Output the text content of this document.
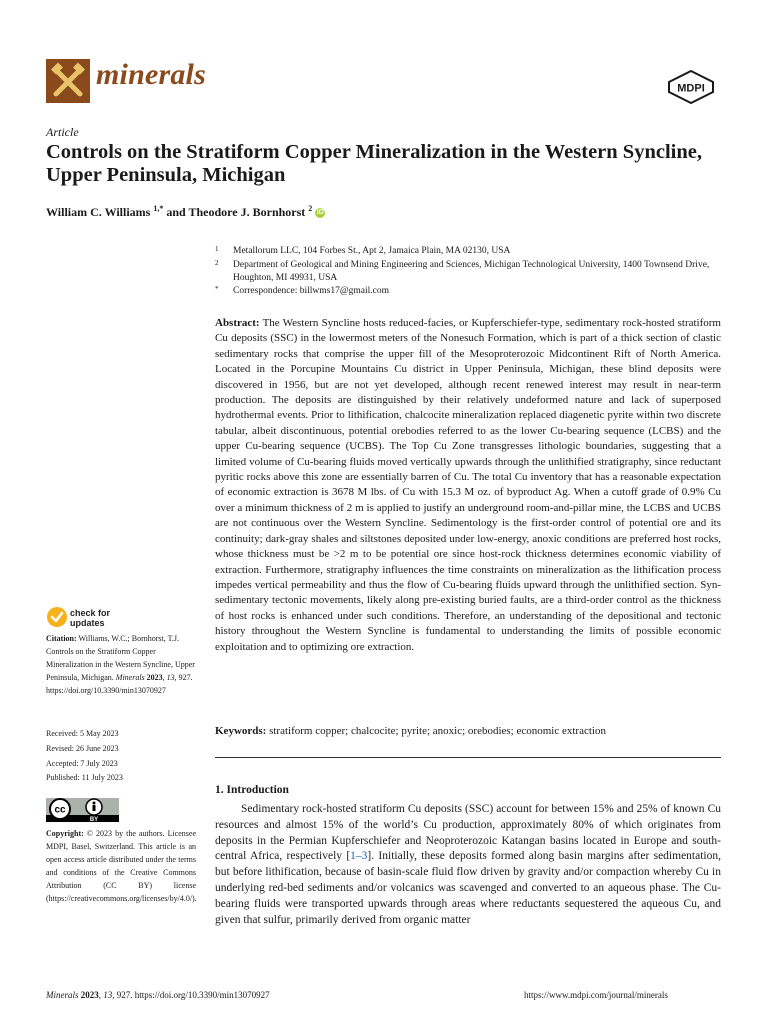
minerals	MDPI
Article
Controls on the Stratiform Copper Mineralization in the Western Syncline, Upper Peninsula, Michigan
William C. Williams $^{1,*}$ and Theodore J. Bornhorst $^2$ iD
1 Metallorum LLC, 104 Forbes St., Apt 2, Jamaica Plain, MA 02130, USA
2 Department of Geological and Mining Engineering and Sciences, Michigan Technological University, 1400 Townsend Drive, Houghton, MI 49931, USA
* Correspondence: billwms17@gmail.com
Abstract: The Western Syncline hosts reduced-facies, or Kupferschiefer-type, sedimentary rock-hosted stratiform Cu deposits (SSC) in the lowermost meters of the Nonesuch Formation, which is part of a thick section of clastic sedimentary rocks that comprise the upper fill of the Mesoproterozoic Midcontinent Rift of North America. Located in the Porcupine Mountains Cu district in Upper Peninsula, Michigan, these blind deposits were discovered in 1956, but are not yet developed, although recent renewed interest may result in near-term production. The deposits are distinguished by their relatively undeformed nature and lack of superposed hydrothermal events. Prior to lithification, chalcocite mineralization replaced diagenetic pyrite within two discrete tabular, albeit discontinuous, potential orebodies referred to as the lower Cu-bearing sequence (LCBS) and the upper Cu-bearing sequence (UCBS). The Top Cu Zone transgresses lithologic boundaries, suggesting that a limited volume of Cu-bearing fluids moved vertically upwards through the unlithified stratigraphy, since reductant pyritic rocks above this zone are essentially barren of Cu. The total Cu inventory that has a reasonable expectation of economic extraction is 3678 M lbs. of Cu with 15.3 M oz. of byproduct Ag. When a cutoff grade of 0.9% Cu over a minimum thickness of 2 m is applied to justify an underground room-and-pillar mine, the LCBS and UCBS are not continuous over the Western Syncline. Sedimentology is the first-order control of potential ore and its continuity; dark-gray shales and siltstones deposited under low-energy, anoxic conditions are preferred host rocks, whose thickness must be >2 m to be potential ore since host-rock thickness determines economic viability of extraction. Furthermore, stratigraphy influences the time constraints on mineralization as the lithification process impedes vertical permeability and thus the flow of Cu-bearing fluids upward through the unlithified section. Syn-sedimentary tectonic movements, likely along pre-existing buried faults, are a third-order control as the thickness of host rocks is enhanced under such conditions. Therefore, an understanding of the depositional and tectonic history throughout the Western Syncline is fundamental to understanding the limits of possible economic exploitation and to optimizing ore extraction.
Keywords: stratiform copper; chalcocite; pyrite; anoxic; orebodies; economic extraction
1. Introduction
Sedimentary rock-hosted stratiform Cu deposits (SSC) account for between 15% and 25% of known Cu resources and almost 15% of the world’s Cu production, approximately 80% of which originates from deposits in the Permian Kupferschiefer and Neoproterozoic Katangan basins located in Europe and south-central Africa, respectively [1–3]. Initially, these deposits formed along basin margins after sedimentation, but before lithification, because of basin-scale fluid flow driven by gravity and/or compaction whereby Cu in underlying red-bed sediments and/or volcanics was scavenged and converted to an aqueous phase. The Cu-bearing fluids were transported upwards through areas where reductants sequestered the aqueous Cu, and given that sulfur, primarily derived from organic matter
check for
updates
Citation: Williams, W.C.; Bornhorst, T.J. Controls on the Stratiform Copper Mineralization in the Western Syncline, Upper Peninsula, Michigan. Minerals 2023, 13, 927. https://doi.org/10.3390/min13070927
Received: 5 May 2023
Revised: 26 June 2023
Accepted: 7 July 2023
Published: 11 July 2023
cc
BY
Copyright: © 2023 by the authors. Licensee MDPI, Basel, Switzerland. This article is an open access article distributed under the terms and conditions of the Creative Commons Attribution (CC BY) license (https://creativecommons.org/licenses/by/4.0/).
Minerals 2023, 13, 927. https://doi.org/10.3390/min13070927	https://www.mdpi.com/journal/minerals
